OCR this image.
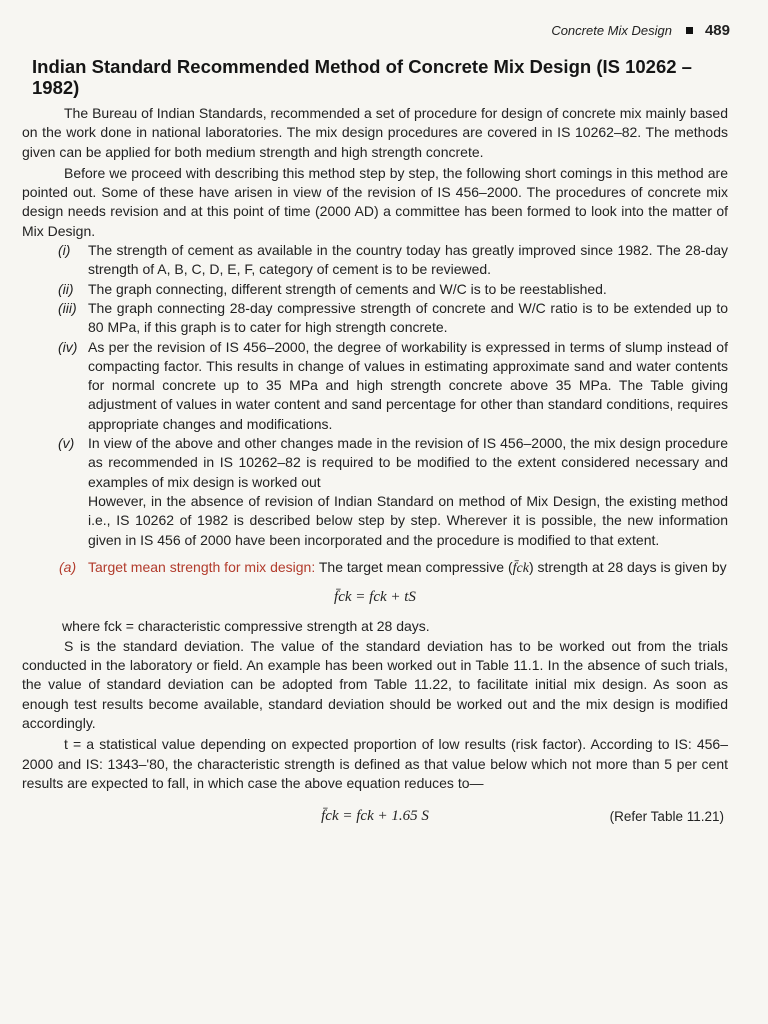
Concrete Mix Design 489
Indian Standard Recommended Method of Concrete Mix Design (IS 10262 – 1982)

The Bureau of Indian Standards, recommended a set of procedure for design of concrete mix mainly based on the work done in national laboratories. The mix design procedures are covered in IS 10262–82. The methods given can be applied for both medium strength and high strength concrete.

Before we proceed with describing this method step by step, the following short comings in this method are pointed out. Some of these have arisen in view of the revision of IS 456–2000. The procedures of concrete mix design needs revision and at this point of time (2000 AD) a committee has been formed to look into the matter of Mix Design.

(i) The strength of cement as available in the country today has greatly improved since 1982. The 28-day strength of A, B, C, D, E, F, category of cement is to be reviewed.
(ii) The graph connecting, different strength of cements and W/C is to be reestablished.
(iii) The graph connecting 28-day compressive strength of concrete and W/C ratio is to be extended up to 80 MPa, if this graph is to cater for high strength concrete.
(iv) As per the revision of IS 456–2000, the degree of workability is expressed in terms of slump instead of compacting factor. This results in change of values in estimating approximate sand and water contents for normal concrete up to 35 MPa and high strength concrete above 35 MPa. The Table giving adjustment of values in water content and sand percentage for other than standard conditions, requires appropriate changes and modifications.
(v) In view of the above and other changes made in the revision of IS 456–2000, the mix design procedure as recommended in IS 10262–82 is required to be modified to the extent considered necessary and examples of mix design is worked out

However, in the absence of revision of Indian Standard on method of Mix Design, the existing method i.e., IS 10262 of 1982 is described below step by step. Wherever it is possible, the new information given in IS 456 of 2000 have been incorporated and the procedure is modified to that extent.

(a) Target mean strength for mix design: The target mean compressive (f̄ck) strength at 28 days is given by
f̄ck = fck + tS

where fck = characteristic compressive strength at 28 days.

S is the standard deviation. The value of the standard deviation has to be worked out from the trials conducted in the laboratory or field. An example has been worked out in Table 11.1. In the absence of such trials, the value of standard deviation can be adopted from Table 11.22, to facilitate initial mix design. As soon as enough test results become available, standard deviation should be worked out and the mix design is modified accordingly.

t = a statistical value depending on expected proportion of low results (risk factor). According to IS: 456–2000 and IS: 1343–'80, the characteristic strength is defined as that value below which not more than 5 per cent results are expected to fall, in which case the above equation reduces to—

f̄ck = fck + 1.65 S	(Refer Table 11.21)
